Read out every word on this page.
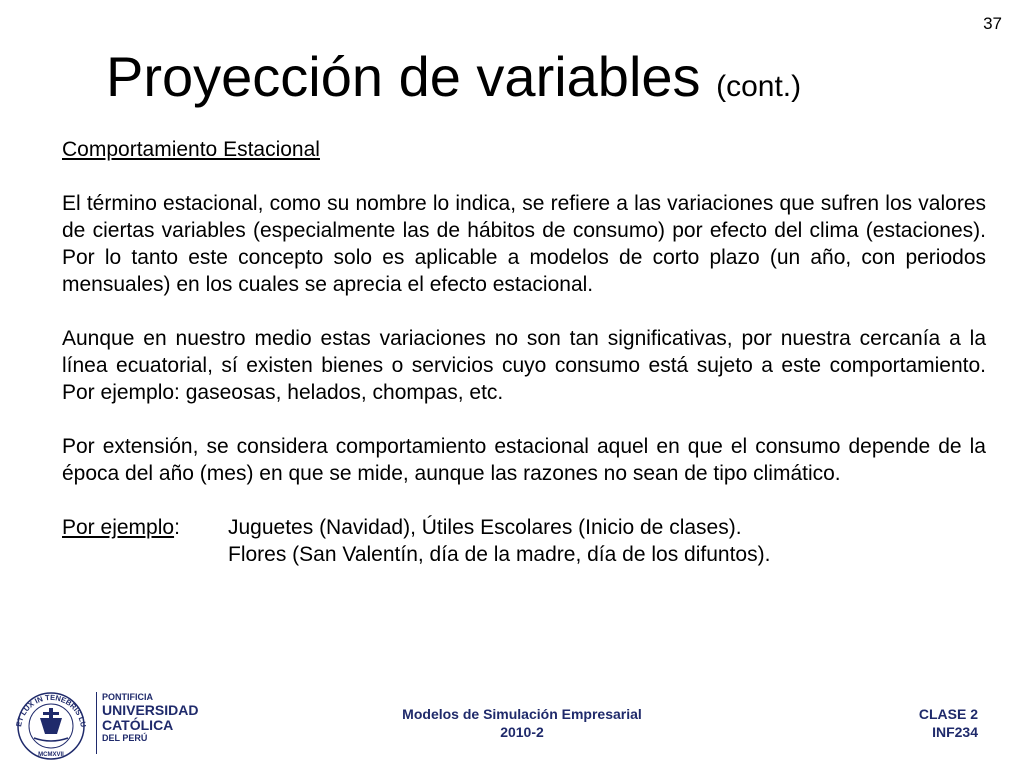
37
Proyección de variables (cont.)

Comportamiento Estacional

El término estacional, como su nombre lo indica, se refiere a las variaciones que sufren los valores de ciertas variables (especialmente las de hábitos de consumo) por efecto del clima (estaciones). Por lo tanto este concepto solo es aplicable a modelos de corto plazo (un año, con periodos mensuales) en los cuales se aprecia el efecto estacional.

Aunque en nuestro medio estas variaciones no son tan significativas, por nuestra cercanía a la línea ecuatorial, sí existen bienes o servicios cuyo consumo está sujeto a este comportamiento. Por ejemplo: gaseosas, helados, chompas, etc.

Por extensión, se considera comportamiento estacional aquel en que el consumo depende de la época del año (mes) en que se mide, aunque las razones no sean de tipo climático.

Por ejemplo:	Juguetes (Navidad), Útiles Escolares (Inicio de clases).
Flores (San Valentín, día de la madre, día de los difuntos).
ET LUX IN TENEBRIS LU
MCMXVII
PONTIFICIA
UNIVERSIDAD
CATÓLICA
DEL PERÚ
Modelos de Simulación Empresarial
2010-2
CLASE 2
INF234
